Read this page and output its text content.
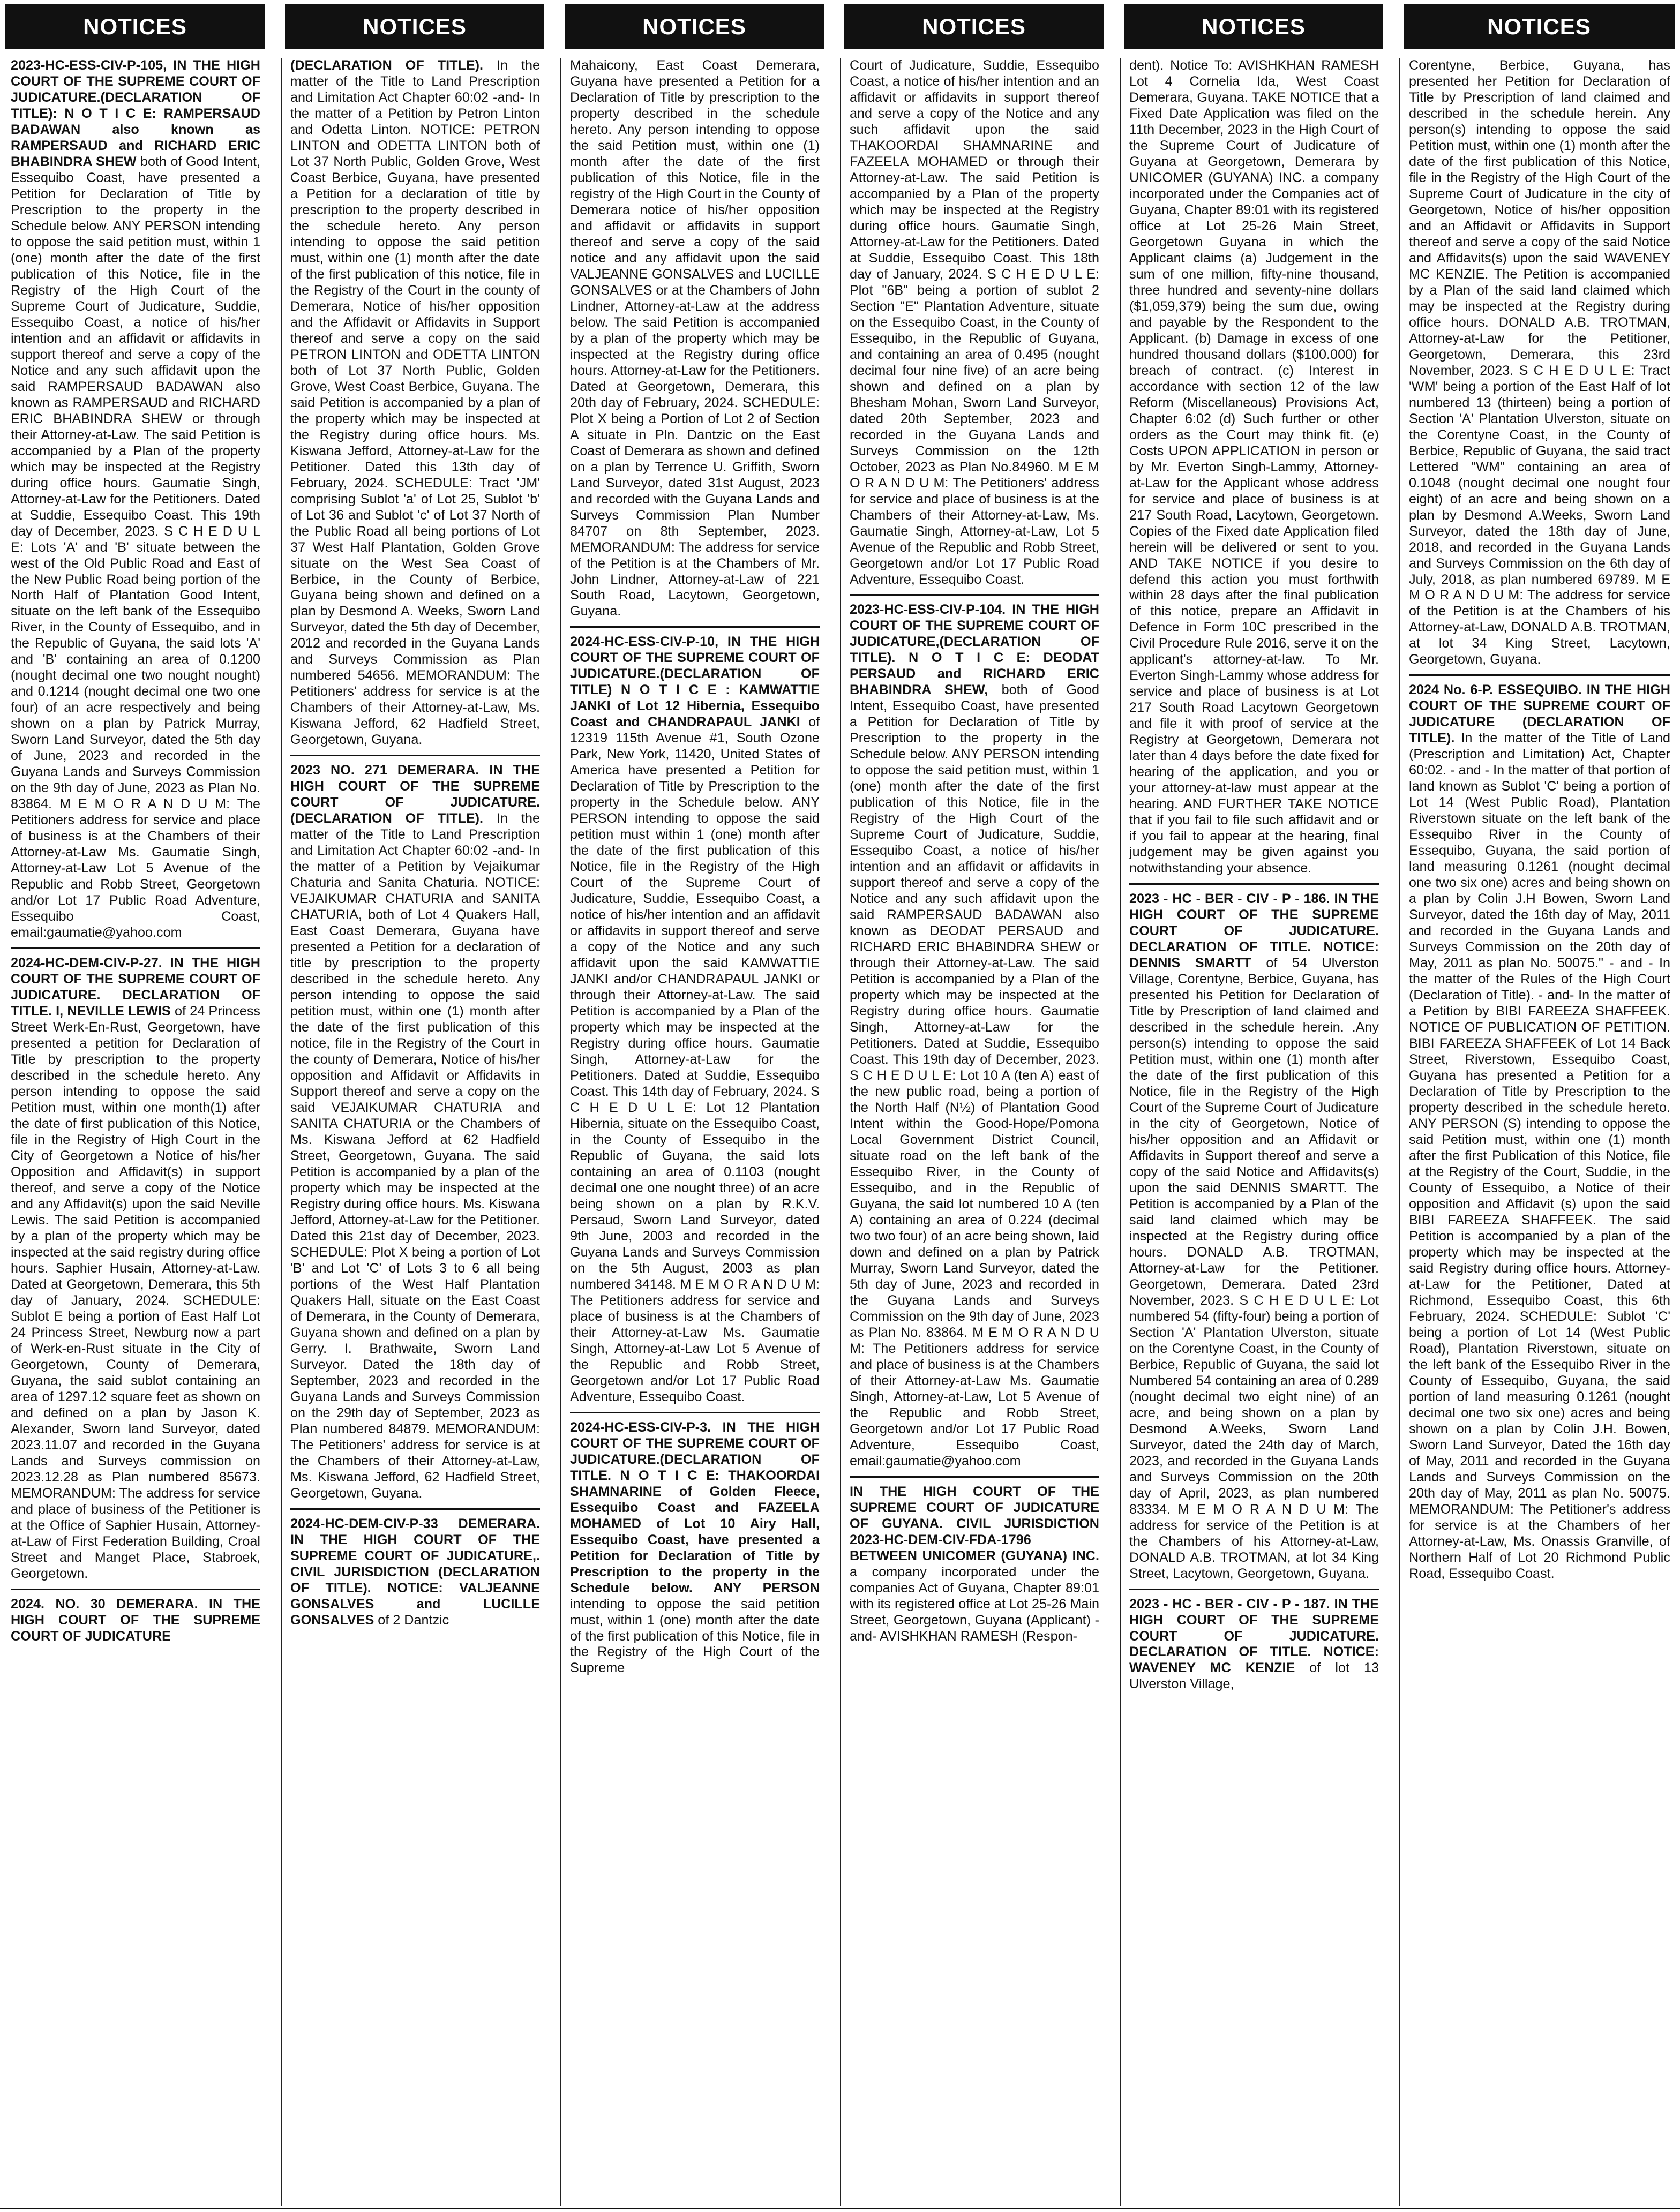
NOTICES

2023-HC-ESS-CIV-P-105, IN THE HIGH COURT OF THE SUPREME COURT OF JUDICATURE.(DECLARATION OF TITLE): N O T I C E: RAMPERSAUD BADAWAN also known as RAMPERSAUD and RICHARD ERIC BHABINDRA SHEW both of Good Intent, Essequibo Coast, have presented a Petition for Declaration of Title by Prescription to the property in the Schedule below. ANY PERSON intending to oppose the said petition must, within 1 (one) month after the date of the first publication of this Notice, file in the Registry of the High Court of the Supreme Court of Judicature, Suddie, Essequibo Coast, a notice of his/her intention and an affidavit or affidavits in support thereof and serve a copy of the Notice and any such affidavit upon the said RAMPERSAUD BADAWAN also known as RAMPERSAUD and RICHARD ERIC BHABINDRA SHEW or through their Attorney-at-Law. The said Petition is accompanied by a Plan of the property which may be inspected at the Registry during office hours. Gaumatie Singh, Attorney-at-Law for the Petitioners. Dated at Suddie, Essequibo Coast. This 19th day of December, 2023. S C H E D U L E: Lots 'A' and 'B' situate between the west of the Old Public Road and East of the New Public Road being portion of the North Half of Plantation Good Intent, situate on the left bank of the Essequibo River, in the County of Essequibo, and in the Republic of Guyana, the said lots 'A' and 'B' containing an area of 0.1200 (nought decimal one two nought nought) and 0.1214 (nought decimal one two one four) of an acre respectively and being shown on a plan by Patrick Murray, Sworn Land Surveyor, dated the 5th day of June, 2023 and recorded in the Guyana Lands and Surveys Commission on the 9th day of June, 2023 as Plan No. 83864. M E M O R A N D U M: The Petitioners address for service and place of business is at the Chambers of their Attorney-at-Law Ms. Gaumatie Singh, Attorney-at-Law Lot 5 Avenue of the Republic and Robb Street, Georgetown and/or Lot 17 Public Road Adventure, Essequibo Coast, email:gaumatie@yahoo.com

2024-HC-DEM-CIV-P-27. IN THE HIGH COURT OF THE SUPREME COURT OF JUDICATURE. DECLARATION OF TITLE. I, NEVILLE LEWIS of 24 Princess Street Werk-En-Rust, Georgetown, have presented a petition for Declaration of Title by prescription to the property described in the schedule hereto. Any person intending to oppose the said Petition must, within one month(1) after the date of first publication of this Notice, file in the Registry of High Court in the City of Georgetown a Notice of his/her Opposition and Affidavit(s) in support thereof, and serve a copy of the Notice and any Affidavit(s) upon the said Neville Lewis. The said Petition is accompanied by a plan of the property which may be inspected at the said registry during office hours. Saphier Husain, Attorney-at-Law. Dated at Georgetown, Demerara, this 5th day of January, 2024. SCHEDULE: Sublot E being a portion of East Half Lot 24 Princess Street, Newburg now a part of Werk-en-Rust situate in the City of Georgetown, County of Demerara, Guyana, the said sublot containing an area of 1297.12 square feet as shown on and defined on a plan by Jason K. Alexander, Sworn land Surveyor, dated 2023.11.07 and recorded in the Guyana Lands and Surveys commission on 2023.12.28 as Plan numbered 85673. MEMORANDUM: The address for service and place of business of the Petitioner is at the Office of Saphier Husain, Attorney-at-Law of First Federation Building, Croal Street and Manget Place, Stabroek, Georgetown.

2024. NO. 30 DEMERARA. IN THE HIGH COURT OF THE SUPREME COURT OF JUDICATURE

NOTICES

(DECLARATION OF TITLE). In the matter of the Title to Land Prescription and Limitation Act Chapter 60:02 -and- In the matter of a Petition by Petron Linton and Odetta Linton. NOTICE: PETRON LINTON and ODETTA LINTON both of Lot 37 North Public, Golden Grove, West Coast Berbice, Guyana, have presented a Petition for a declaration of title by prescription to the property described in the schedule hereto. Any person intending to oppose the said petition must, within one (1) month after the date of the first publication of this notice, file in the Registry of the Court in the county of Demerara, Notice of his/her opposition and the Affidavit or Affidavits in Support thereof and serve a copy on the said PETRON LINTON and ODETTA LINTON both of Lot 37 North Public, Golden Grove, West Coast Berbice, Guyana. The said Petition is accompanied by a plan of the property which may be inspected at the Registry during office hours. Ms. Kiswana Jefford, Attorney-at-Law for the Petitioner. Dated this 13th day of February, 2024. SCHEDULE: Tract 'JM' comprising Sublot 'a' of Lot 25, Sublot 'b' of Lot 36 and Sublot 'c' of Lot 37 North of the Public Road all being portions of Lot 37 West Half Plantation, Golden Grove situate on the West Sea Coast of Berbice, in the County of Berbice, Guyana being shown and defined on a plan by Desmond A. Weeks, Sworn Land Surveyor, dated the 5th day of December, 2012 and recorded in the Guyana Lands and Surveys Commission as Plan numbered 54656. MEMORANDUM: The Petitioners' address for service is at the Chambers of their Attorney-at-Law, Ms. Kiswana Jefford, 62 Hadfield Street, Georgetown, Guyana.

2023 NO. 271 DEMERARA. IN THE HIGH COURT OF THE SUPREME COURT OF JUDICATURE. (DECLARATION OF TITLE). In the matter of the Title to Land Prescription and Limitation Act Chapter 60:02 -and- In the matter of a Petition by Vejaikumar Chaturia and Sanita Chaturia. NOTICE: VEJAIKUMAR CHATURIA and SANITA CHATURIA, both of Lot 4 Quakers Hall, East Coast Demerara, Guyana have presented a Petition for a declaration of title by prescription to the property described in the schedule hereto. Any person intending to oppose the said petition must, within one (1) month after the date of the first publication of this notice, file in the Registry of the Court in the county of Demerara, Notice of his/her opposition and Affidavit or Affidavits in Support thereof and serve a copy on the said VEJAIKUMAR CHATURIA and SANITA CHATURIA or the Chambers of Ms. Kiswana Jefford at 62 Hadfield Street, Georgetown, Guyana. The said Petition is accompanied by a plan of the property which may be inspected at the Registry during office hours. Ms. Kiswana Jefford, Attorney-at-Law for the Petitioner. Dated this 21st day of December, 2023. SCHEDULE: Plot X being a portion of Lot 'B' and Lot 'C' of Lots 3 to 6 all being portions of the West Half Plantation Quakers Hall, situate on the East Coast of Demerara, in the County of Demerara, Guyana shown and defined on a plan by Gerry. I. Brathwaite, Sworn Land Surveyor. Dated the 18th day of September, 2023 and recorded in the Guyana Lands and Surveys Commission on the 29th day of September, 2023 as Plan numbered 84879. MEMORANDUM: The Petitioners' address for service is at the Chambers of their Attorney-at-Law, Ms. Kiswana Jefford, 62 Hadfield Street, Georgetown, Guyana.

2024-HC-DEM-CIV-P-33 DEMERARA. IN THE HIGH COURT OF THE SUPREME COURT OF JUDICATURE,. CIVIL JURISDICTION (DECLARATION OF TITLE). NOTICE: VALJEANNE GONSALVES and LUCILLE GONSALVES of 2 Dantzic

NOTICES

Mahaicony, East Coast Demerara, Guyana have presented a Petition for a Declaration of Title by prescription to the property described in the schedule hereto. Any person intending to oppose the said Petition must, within one (1) month after the date of the first publication of this Notice, file in the registry of the High Court in the County of Demerara notice of his/her opposition and affidavit or affidavits in support thereof and serve a copy of the said notice and any affidavit upon the said VALJEANNE GONSALVES and LUCILLE GONSALVES or at the Chambers of John Lindner, Attorney-at-Law at the address below. The said Petition is accompanied by a plan of the property which may be inspected at the Registry during office hours. Attorney-at-Law for the Petitioners. Dated at Georgetown, Demerara, this 20th day of February, 2024. SCHEDULE: Plot X being a Portion of Lot 2 of Section A situate in Pln. Dantzic on the East Coast of Demerara as shown and defined on a plan by Terrence U. Griffith, Sworn Land Surveyor, dated 31st August, 2023 and recorded with the Guyana Lands and Surveys Commission Plan Number 84707 on 8th September, 2023. MEMORANDUM: The address for service of the Petition is at the Chambers of Mr. John Lindner, Attorney-at-Law of 221 South Road, Lacytown, Georgetown, Guyana.

2024-HC-ESS-CIV-P-10, IN THE HIGH COURT OF THE SUPREME COURT OF JUDICATURE.(DECLARATION OF TITLE) N O T I C E : KAMWATTIE JANKI of Lot 12 Hibernia, Essequibo Coast and CHANDRAPAUL JANKI of 12319 115th Avenue #1, South Ozone Park, New York, 11420, United States of America have presented a Petition for Declaration of Title by Prescription to the property in the Schedule below. ANY PERSON intending to oppose the said petition must within 1 (one) month after the date of the first publication of this Notice, file in the Registry of the High Court of the Supreme Court of Judicature, Suddie, Essequibo Coast, a notice of his/her intention and an affidavit or affidavits in support thereof and serve a copy of the Notice and any such affidavit upon the said KAMWATTIE JANKI and/or CHANDRAPAUL JANKI or through their Attorney-at-Law. The said Petition is accompanied by a Plan of the property which may be inspected at the Registry during office hours. Gaumatie Singh, Attorney-at-Law for the Petitioners. Dated at Suddie, Essequibo Coast. This 14th day of February, 2024. S C H E D U L E: Lot 12 Plantation Hibernia, situate on the Essequibo Coast, in the County of Essequibo in the Republic of Guyana, the said lots containing an area of 0.1103 (nought decimal one one nought three) of an acre being shown on a plan by R.K.V. Persaud, Sworn Land Surveyor, dated 9th June, 2003 and recorded in the Guyana Lands and Surveys Commission on the 5th August, 2003 as plan numbered 34148. M E M O R A N D U M: The Petitioners address for service and place of business is at the Chambers of their Attorney-at-Law Ms. Gaumatie Singh, Attorney-at-Law Lot 5 Avenue of the Republic and Robb Street, Georgetown and/or Lot 17 Public Road Adventure, Essequibo Coast.

2024-HC-ESS-CIV-P-3. IN THE HIGH COURT OF THE SUPREME COURT OF JUDICATURE.(DECLARATION OF TITLE. N O T I C E: THAKOORDAI SHAMNARINE of Golden Fleece, Essequibo Coast and FAZEELA MOHAMED of Lot 10 Airy Hall, Essequibo Coast, have presented a Petition for Declaration of Title by Prescription to the property in the Schedule below. ANY PERSON intending to oppose the said petition must, within 1 (one) month after the date of the first publication of this Notice, file in the Registry of the High Court of the Supreme

NOTICES

Court of Judicature, Suddie, Essequibo Coast, a notice of his/her intention and an affidavit or affidavits in support thereof and serve a copy of the Notice and any such affidavit upon the said THAKOORDAI SHAMNARINE and FAZEELA MOHAMED or through their Attorney-at-Law. The said Petition is accompanied by a Plan of the property which may be inspected at the Registry during office hours. Gaumatie Singh, Attorney-at-Law for the Petitioners. Dated at Suddie, Essequibo Coast. This 18th day of January, 2024. S C H E D U L E: Plot "6B" being a portion of sublot 2 Section "E" Plantation Adventure, situate on the Essequibo Coast, in the County of Essequibo, in the Republic of Guyana, and containing an area of 0.495 (nought decimal four nine five) of an acre being shown and defined on a plan by Bhesham Mohan, Sworn Land Surveyor, dated 20th September, 2023 and recorded in the Guyana Lands and Surveys Commission on the 12th October, 2023 as Plan No.84960. M E M O R A N D U M: The Petitioners' address for service and place of business is at the Chambers of their Attorney-at-Law, Ms. Gaumatie Singh, Attorney-at-Law, Lot 5 Avenue of the Republic and Robb Street, Georgetown and/or Lot 17 Public Road Adventure, Essequibo Coast.

2023-HC-ESS-CIV-P-104. IN THE HIGH COURT OF THE SUPREME COURT OF JUDICATURE,(DECLARATION OF TITLE). N O T I C E: DEODAT PERSAUD and RICHARD ERIC BHABINDRA SHEW, both of Good Intent, Essequibo Coast, have presented a Petition for Declaration of Title by Prescription to the property in the Schedule below. ANY PERSON intending to oppose the said petition must, within 1 (one) month after the date of the first publication of this Notice, file in the Registry of the High Court of the Supreme Court of Judicature, Suddie, Essequibo Coast, a notice of his/her intention and an affidavit or affidavits in support thereof and serve a copy of the Notice and any such affidavit upon the said RAMPERSAUD BADAWAN also known as DEODAT PERSAUD and RICHARD ERIC BHABINDRA SHEW or through their Attorney-at-Law. The said Petition is accompanied by a Plan of the property which may be inspected at the Registry during office hours. Gaumatie Singh, Attorney-at-Law for the Petitioners. Dated at Suddie, Essequibo Coast. This 19th day of December, 2023. S C H E D U L E: Lot 10 A (ten A) east of the new public road, being a portion of the North Half (N½) of Plantation Good Intent within the Good-Hope/Pomona Local Government District Council, situate road on the left bank of the Essequibo River, in the County of Essequibo, and in the Republic of Guyana, the said lot numbered 10 A (ten A) containing an area of 0.224 (decimal two two four) of an acre being shown, laid down and defined on a plan by Patrick Murray, Sworn Land Surveyor, dated the 5th day of June, 2023 and recorded in the Guyana Lands and Surveys Commission on the 9th day of June, 2023 as Plan No. 83864. M E M O R A N D U M: The Petitioners address for service and place of business is at the Chambers of their Attorney-at-Law Ms. Gaumatie Singh, Attorney-at-Law, Lot 5 Avenue of the Republic and Robb Street, Georgetown and/or Lot 17 Public Road Adventure, Essequibo Coast, email:gaumatie@yahoo.com

IN THE HIGH COURT OF THE SUPREME COURT OF JUDICATURE OF GUYANA. CIVIL JURISDICTION 2023-HC-DEM-CIV-FDA-1796 BETWEEN UNICOMER (GUYANA) INC. a company incorporated under the companies Act of Guyana, Chapter 89:01 with its registered office at Lot 25-26 Main Street, Georgetown, Guyana (Applicant) -and- AVISHKHAN RAMESH (Respon-

NOTICES

dent). Notice To: AVISHKHAN RAMESH Lot 4 Cornelia Ida, West Coast Demerara, Guyana. TAKE NOTICE that a Fixed Date Application was filed on the 11th December, 2023 in the High Court of the Supreme Court of Judicature of Guyana at Georgetown, Demerara by UNICOMER (GUYANA) INC. a company incorporated under the Companies act of Guyana, Chapter 89:01 with its registered office at Lot 25-26 Main Street, Georgetown Guyana in which the Applicant claims (a) Judgement in the sum of one million, fifty-nine thousand, three hundred and seventy-nine dollars ($1,059,379) being the sum due, owing and payable by the Respondent to the Applicant. (b) Damage in excess of one hundred thousand dollars ($100.000) for breach of contract. (c) Interest in accordance with section 12 of the law Reform (Miscellaneous) Provisions Act, Chapter 6:02 (d) Such further or other orders as the Court may think fit. (e) Costs UPON APPLICATION in person or by Mr. Everton Singh-Lammy, Attorney-at-Law for the Applicant whose address for service and place of business is at 217 South Road, Lacytown, Georgetown. Copies of the Fixed date Application filed herein will be delivered or sent to you. AND TAKE NOTICE if you desire to defend this action you must forthwith within 28 days after the final publication of this notice, prepare an Affidavit in Defence in Form 10C prescribed in the Civil Procedure Rule 2016, serve it on the applicant's attorney-at-law. To Mr. Everton Singh-Lammy whose address for service and place of business is at Lot 217 South Road Lacytown Georgetown and file it with proof of service at the Registry at Georgetown, Demerara not later than 4 days before the date fixed for hearing of the application, and you or your attorney-at-law must appear at the hearing. AND FURTHER TAKE NOTICE that if you fail to file such affidavit and or if you fail to appear at the hearing, final judgement may be given against you notwithstanding your absence.

2023 - HC - BER - CIV - P - 186. IN THE HIGH COURT OF THE SUPREME COURT OF JUDICATURE. DECLARATION OF TITLE. NOTICE: DENNIS SMARTT of 54 Ulverston Village, Corentyne, Berbice, Guyana, has presented his Petition for Declaration of Title by Prescription of land claimed and described in the schedule herein. .Any person(s) intending to oppose the said Petition must, within one (1) month after the date of the first publication of this Notice, file in the Registry of the High Court of the Supreme Court of Judicature in the city of Georgetown, Notice of his/her opposition and an Affidavit or Affidavits in Support thereof and serve a copy of the said Notice and Affidavits(s) upon the said DENNIS SMARTT. The Petition is accompanied by a Plan of the said land claimed which may be inspected at the Registry during office hours. DONALD A.B. TROTMAN, Attorney-at-Law for the Petitioner. Georgetown, Demerara. Dated 23rd November, 2023. S C H E D U L E: Lot numbered 54 (fifty-four) being a portion of Section 'A' Plantation Ulverston, situate on the Corentyne Coast, in the County of Berbice, Republic of Guyana, the said lot Numbered 54 containing an area of 0.289 (nought decimal two eight nine) of an acre, and being shown on a plan by Desmond A.Weeks, Sworn Land Surveyor, dated the 24th day of March, 2023, and recorded in the Guyana Lands and Surveys Commission on the 20th day of April, 2023, as plan numbered 83334. M E M O R A N D U M: The address for service of the Petition is at the Chambers of his Attorney-at-Law, DONALD A.B. TROTMAN, at lot 34 King Street, Lacytown, Georgetown, Guyana.

2023 - HC - BER - CIV - P - 187. IN THE HIGH COURT OF THE SUPREME COURT OF JUDICATURE. DECLARATION OF TITLE. NOTICE: WAVENEY MC KENZIE of lot 13 Ulverston Village,

NOTICES

Corentyne, Berbice, Guyana, has presented her Petition for Declaration of Title by Prescription of land claimed and described in the schedule herein. Any person(s) intending to oppose the said Petition must, within one (1) month after the date of the first publication of this Notice, file in the Registry of the High Court of the Supreme Court of Judicature in the city of Georgetown, Notice of his/her opposition and an Affidavit or Affidavits in Support thereof and serve a copy of the said Notice and Affidavits(s) upon the said WAVENEY MC KENZIE. The Petition is accompanied by a Plan of the said land claimed which may be inspected at the Registry during office hours. DONALD A.B. TROTMAN, Attorney-at-Law for the Petitioner, Georgetown, Demerara, this 23rd November, 2023. S C H E D U L E: Tract 'WM' being a portion of the East Half of lot numbered 13 (thirteen) being a portion of Section 'A' Plantation Ulverston, situate on the Corentyne Coast, in the County of Berbice, Republic of Guyana, the said tract Lettered "WM" containing an area of 0.1048 (nought decimal one nought four eight) of an acre and being shown on a plan by Desmond A.Weeks, Sworn Land Surveyor, dated the 18th day of June, 2018, and recorded in the Guyana Lands and Surveys Commission on the 6th day of July, 2018, as plan numbered 69789. M E M O R A N D U M: The address for service of the Petition is at the Chambers of his Attorney-at-Law, DONALD A.B. TROTMAN, at lot 34 King Street, Lacytown, Georgetown, Guyana.

2024 No. 6-P. ESSEQUIBO. IN THE HIGH COURT OF THE SUPREME COURT OF JUDICATURE (DECLARATION OF TITLE). In the matter of the Title of Land (Prescription and Limitation) Act, Chapter 60:02. - and - In the matter of that portion of land known as Sublot 'C' being a portion of Lot 14 (West Public Road), Plantation Riverstown situate on the left bank of the Essequibo River in the County of Essequibo, Guyana, the said portion of land measuring 0.1261 (nought decimal one two six one) acres and being shown on a plan by Colin J.H Bowen, Sworn Land Surveyor, dated the 16th day of May, 2011 and recorded in the Guyana Lands and Surveys Commission on the 20th day of May, 2011 as plan No. 50075." - and - In the matter of the Rules of the High Court (Declaration of Title). - and- In the matter of a Petition by BIBI FAREEZA SHAFFEEK. NOTICE OF PUBLICATION OF PETITION. BIBI FAREEZA SHAFFEEK of Lot 14 Back Street, Riverstown, Essequibo Coast, Guyana has presented a Petition for a Declaration of Title by Prescription to the property described in the schedule hereto. ANY PERSON (S) intending to oppose the said Petition must, within one (1) month after the first Publication of this Notice, file at the Registry of the Court, Suddie, in the County of Essequibo, a Notice of their opposition and Affidavit (s) upon the said BIBI FAREEZA SHAFFEEK. The said Petition is accompanied by a plan of the property which may be inspected at the said Registry during office hours. Attorney-at-Law for the Petitioner, Dated at Richmond, Essequibo Coast, this 6th February, 2024. SCHEDULE: Sublot 'C' being a portion of Lot 14 (West Public Road), Plantation Riverstown, situate on the left bank of the Essequibo River in the County of Essequibo, Guyana, the said portion of land measuring 0.1261 (nought decimal one two six one) acres and being shown on a plan by Colin J.H. Bowen, Sworn Land Surveyor, Dated the 16th day of May, 2011 and recorded in the Guyana Lands and Surveys Commission on the 20th day of May, 2011 as plan No. 50075. MEMORANDUM: The Petitioner's address for service is at the Chambers of her Attorney-at-Law, Ms. Onassis Granville, of Northern Half of Lot 20 Richmond Public Road, Essequibo Coast.
